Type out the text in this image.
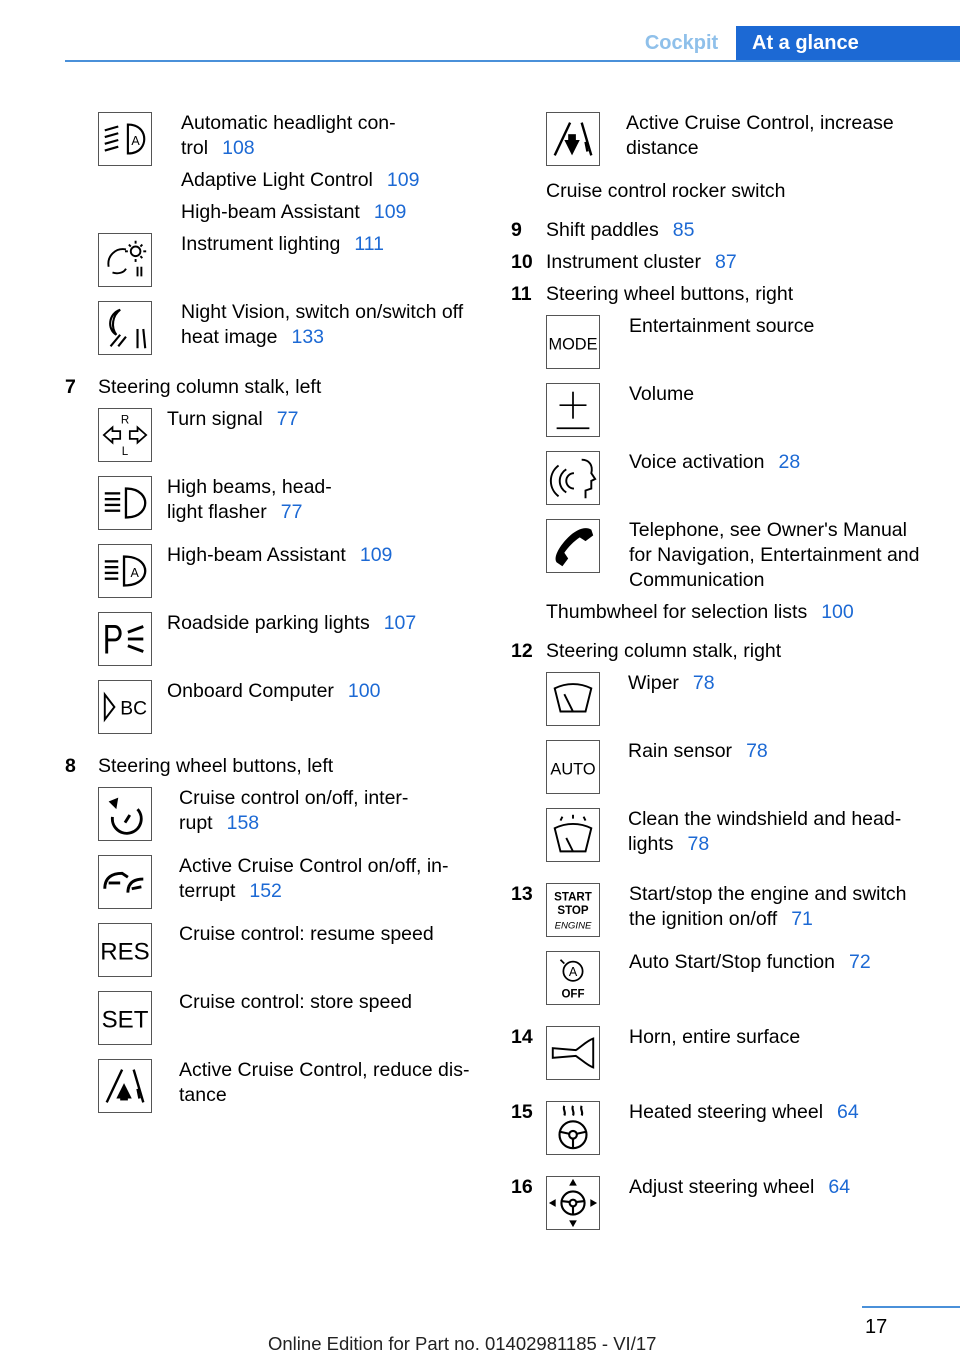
Cockpit	At a glance
A
Automatic headlight con-
trol 108
Adaptive Light Control 109
High-beam Assistant 109
Instrument lighting 111
Night Vision, switch on/switch off
heat image 133
7 Steering column stalk, left
R
L
Turn signal 77
High beams, head-
light flasher 77
A
High-beam Assistant 109
Roadside parking lights 107
BC
Onboard Computer 100
8 Steering wheel buttons, left
Cruise control on/off, inter-
rupt 158
Active Cruise Control on/off, in-
terrupt 152
RES
Cruise control: resume speed
SET
Cruise control: store speed
Active Cruise Control, reduce dis-
tance
Active Cruise Control, increase
distance
Cruise control rocker switch
9 Shift paddles 85
10 Instrument cluster 87
11 Steering wheel buttons, right
MODE
Entertainment source
Volume
Voice activation 28
Telephone, see Owner's Manual
for Navigation, Entertainment and
Communication
Thumbwheel for selection lists 100
12 Steering column stalk, right
Wiper 78
AUTO
Rain sensor 78
Clean the windshield and head-
lights 78
13 START
STOP
ENGINE
Start/stop the engine and switch
the ignition on/off 71
A
OFF
Auto Start/Stop function 72
14	Horn, entire surface
15	Heated steering wheel 64
16	Adjust steering wheel 64
17
Online Edition for Part no. 01402981185 - VI/17
